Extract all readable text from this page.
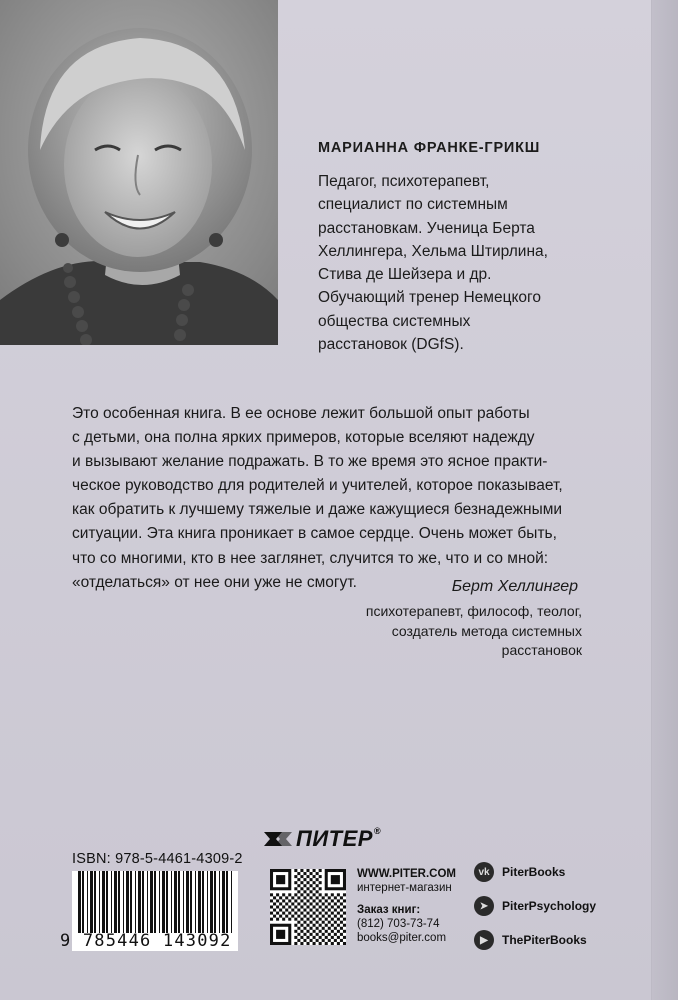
МАРИАННА ФРАНКЕ-ГРИКШ

Педагог, психотерапевт,
специалист по системным
расстановкам. Ученица Берта
Хеллингера, Хельма Штирлина,
Стива де Шейзера и др.
Обучающий тренер Немецкого
общества системных
расстановок (DGfS).

Это особенная книга. В ее основе лежит большой опыт работы
с детьми, она полна ярких примеров, которые вселяют надежду
и вызывают желание подражать. В то же время это ясное практи-
ческое руководство для родителей и учителей, которое показывает,
как обратить к лучшему тяжелые и даже кажущиеся безнадежными
ситуации. Эта книга проникает в самое сердце. Очень может быть,
что со многими, кто в нее заглянет, случится то же, что и со мной:
«отделаться» от нее они уже не смогут.	Берт Хеллингер
психотерапевт, философ, теолог,
создатель метода системных
расстановок
ПИТЕР ®
ISBN: 978-5-4461-4309-2
9 785446 143092
WWW.PITER.COM
интернет-магазин
Заказ книг:
(812) 703-73-74
books@piter.com
vk	PiterBooks
➤	PiterPsychology
▶	ThePiterBooks
